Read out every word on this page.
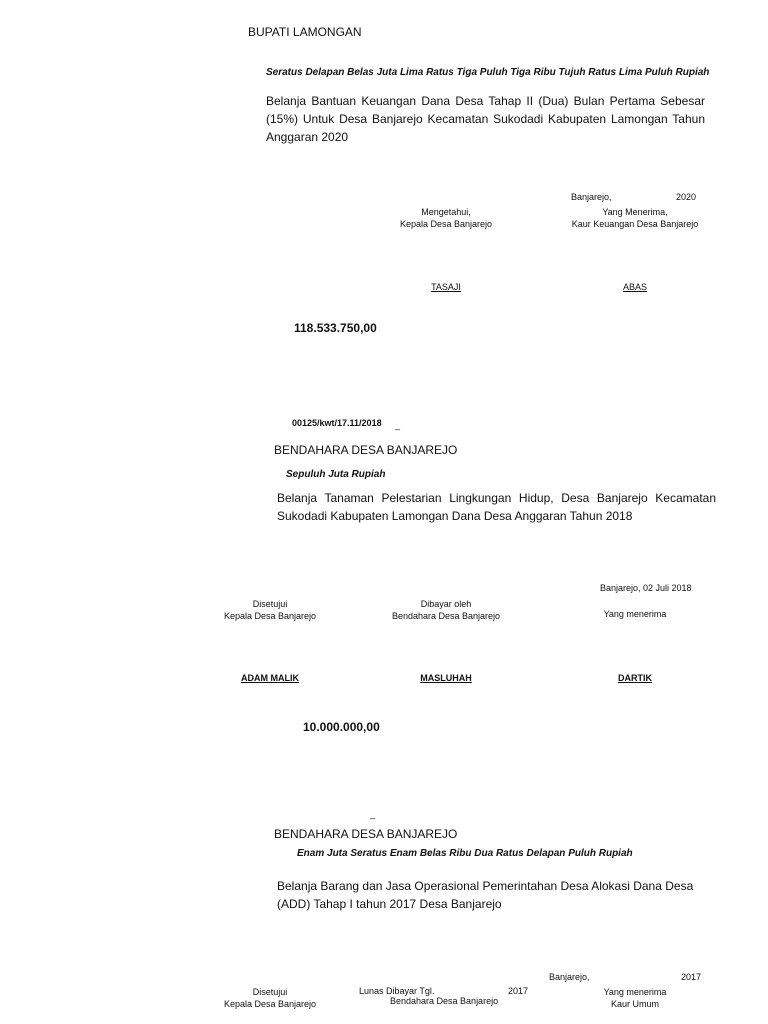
BUPATI LAMONGAN
Seratus Delapan Belas Juta Lima Ratus Tiga Puluh Tiga Ribu Tujuh Ratus Lima Puluh Rupiah
Belanja Bantuan Keuangan Dana Desa Tahap II (Dua) Bulan Pertama Sebesar (15%) Untuk Desa Banjarejo Kecamatan Sukodadi Kabupaten Lamongan Tahun Anggaran 2020
Banjarejo,	2020
Mengetahui,
Kepala Desa Banjarejo
Yang Menerima,
Kaur Keuangan Desa Banjarejo
TASAJI	ABAS
118.533.750,00
00125/kwt/17.11/2018 _
BENDAHARA DESA BANJAREJO
Sepuluh Juta Rupiah
Belanja Tanaman Pelestarian Lingkungan Hidup, Desa Banjarejo Kecamatan Sukodadi Kabupaten Lamongan Dana Desa Anggaran Tahun 2018
Banjarejo, 02 Juli 2018
Disetujui
Kepala Desa Banjarejo
Dibayar oleh
Bendahara Desa Banjarejo	Yang menerima
ADAM MALIK	MASLUHAH	DARTIK
10.000.000,00
_
BENDAHARA DESA BANJAREJO
Enam Juta Seratus Enam Belas Ribu Dua Ratus Delapan Puluh Rupiah
Belanja Barang dan Jasa Operasional Pemerintahan Desa Alokasi Dana Desa (ADD) Tahap I tahun 2017 Desa Banjarejo
Banjarejo,	2017
Disetujui
Kepala Desa Banjarejo
Lunas Dibayar Tgl.	2017
Bendahara Desa Banjarejo
Yang menerima
Kaur Umum
